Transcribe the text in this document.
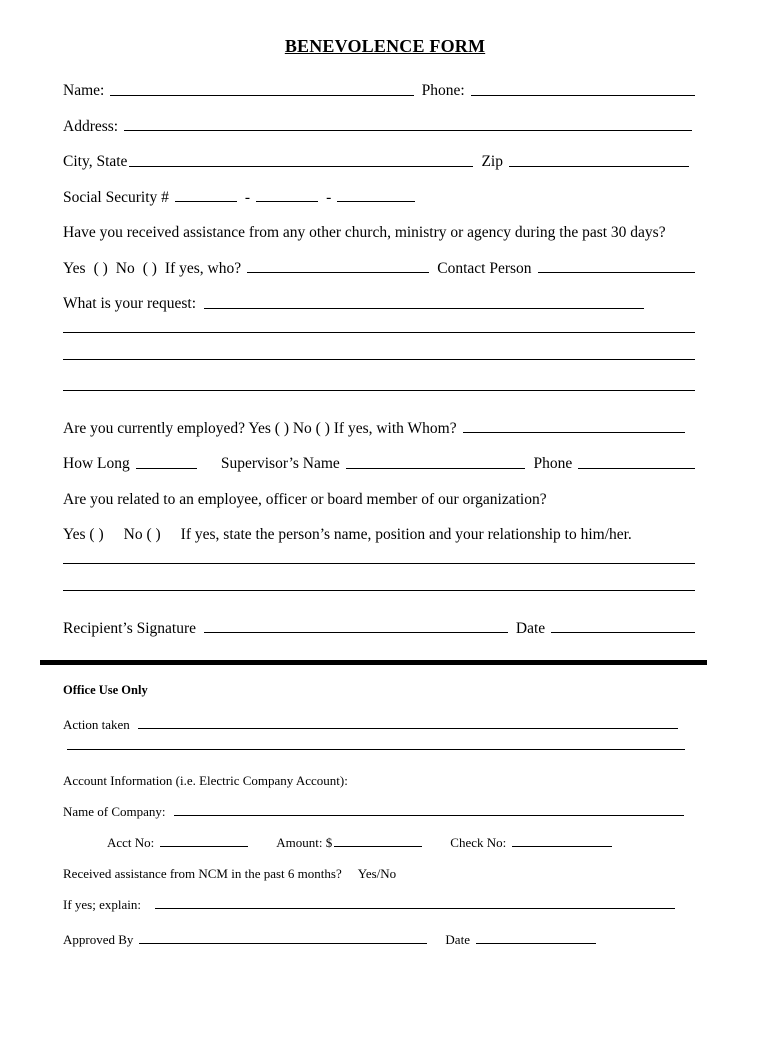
BENEVOLENCE FORM
Name:	Phone:
Address:
City, State	Zip
Social Security #	-	-
Have you received assistance from any other church, ministry or agency during the past 30 days?
Yes ( ) No ( ) If yes, who?	Contact Person
What is your request:
Are you currently employed? Yes ( ) No ( ) If yes, with Whom?
How Long	Supervisor’s Name	Phone
Are you related to an employee, officer or board member of our organization?
Yes ( ) No ( ) If yes, state the person’s name, position and your relationship to him/her.
Recipient’s Signature	Date
Office Use Only
Action taken
Account Information (i.e. Electric Company Account):
Name of Company:
Acct No:	Amount: $	Check No:
Received assistance from NCM in the past 6 months? Yes/No
If yes; explain:
Approved By	Date
